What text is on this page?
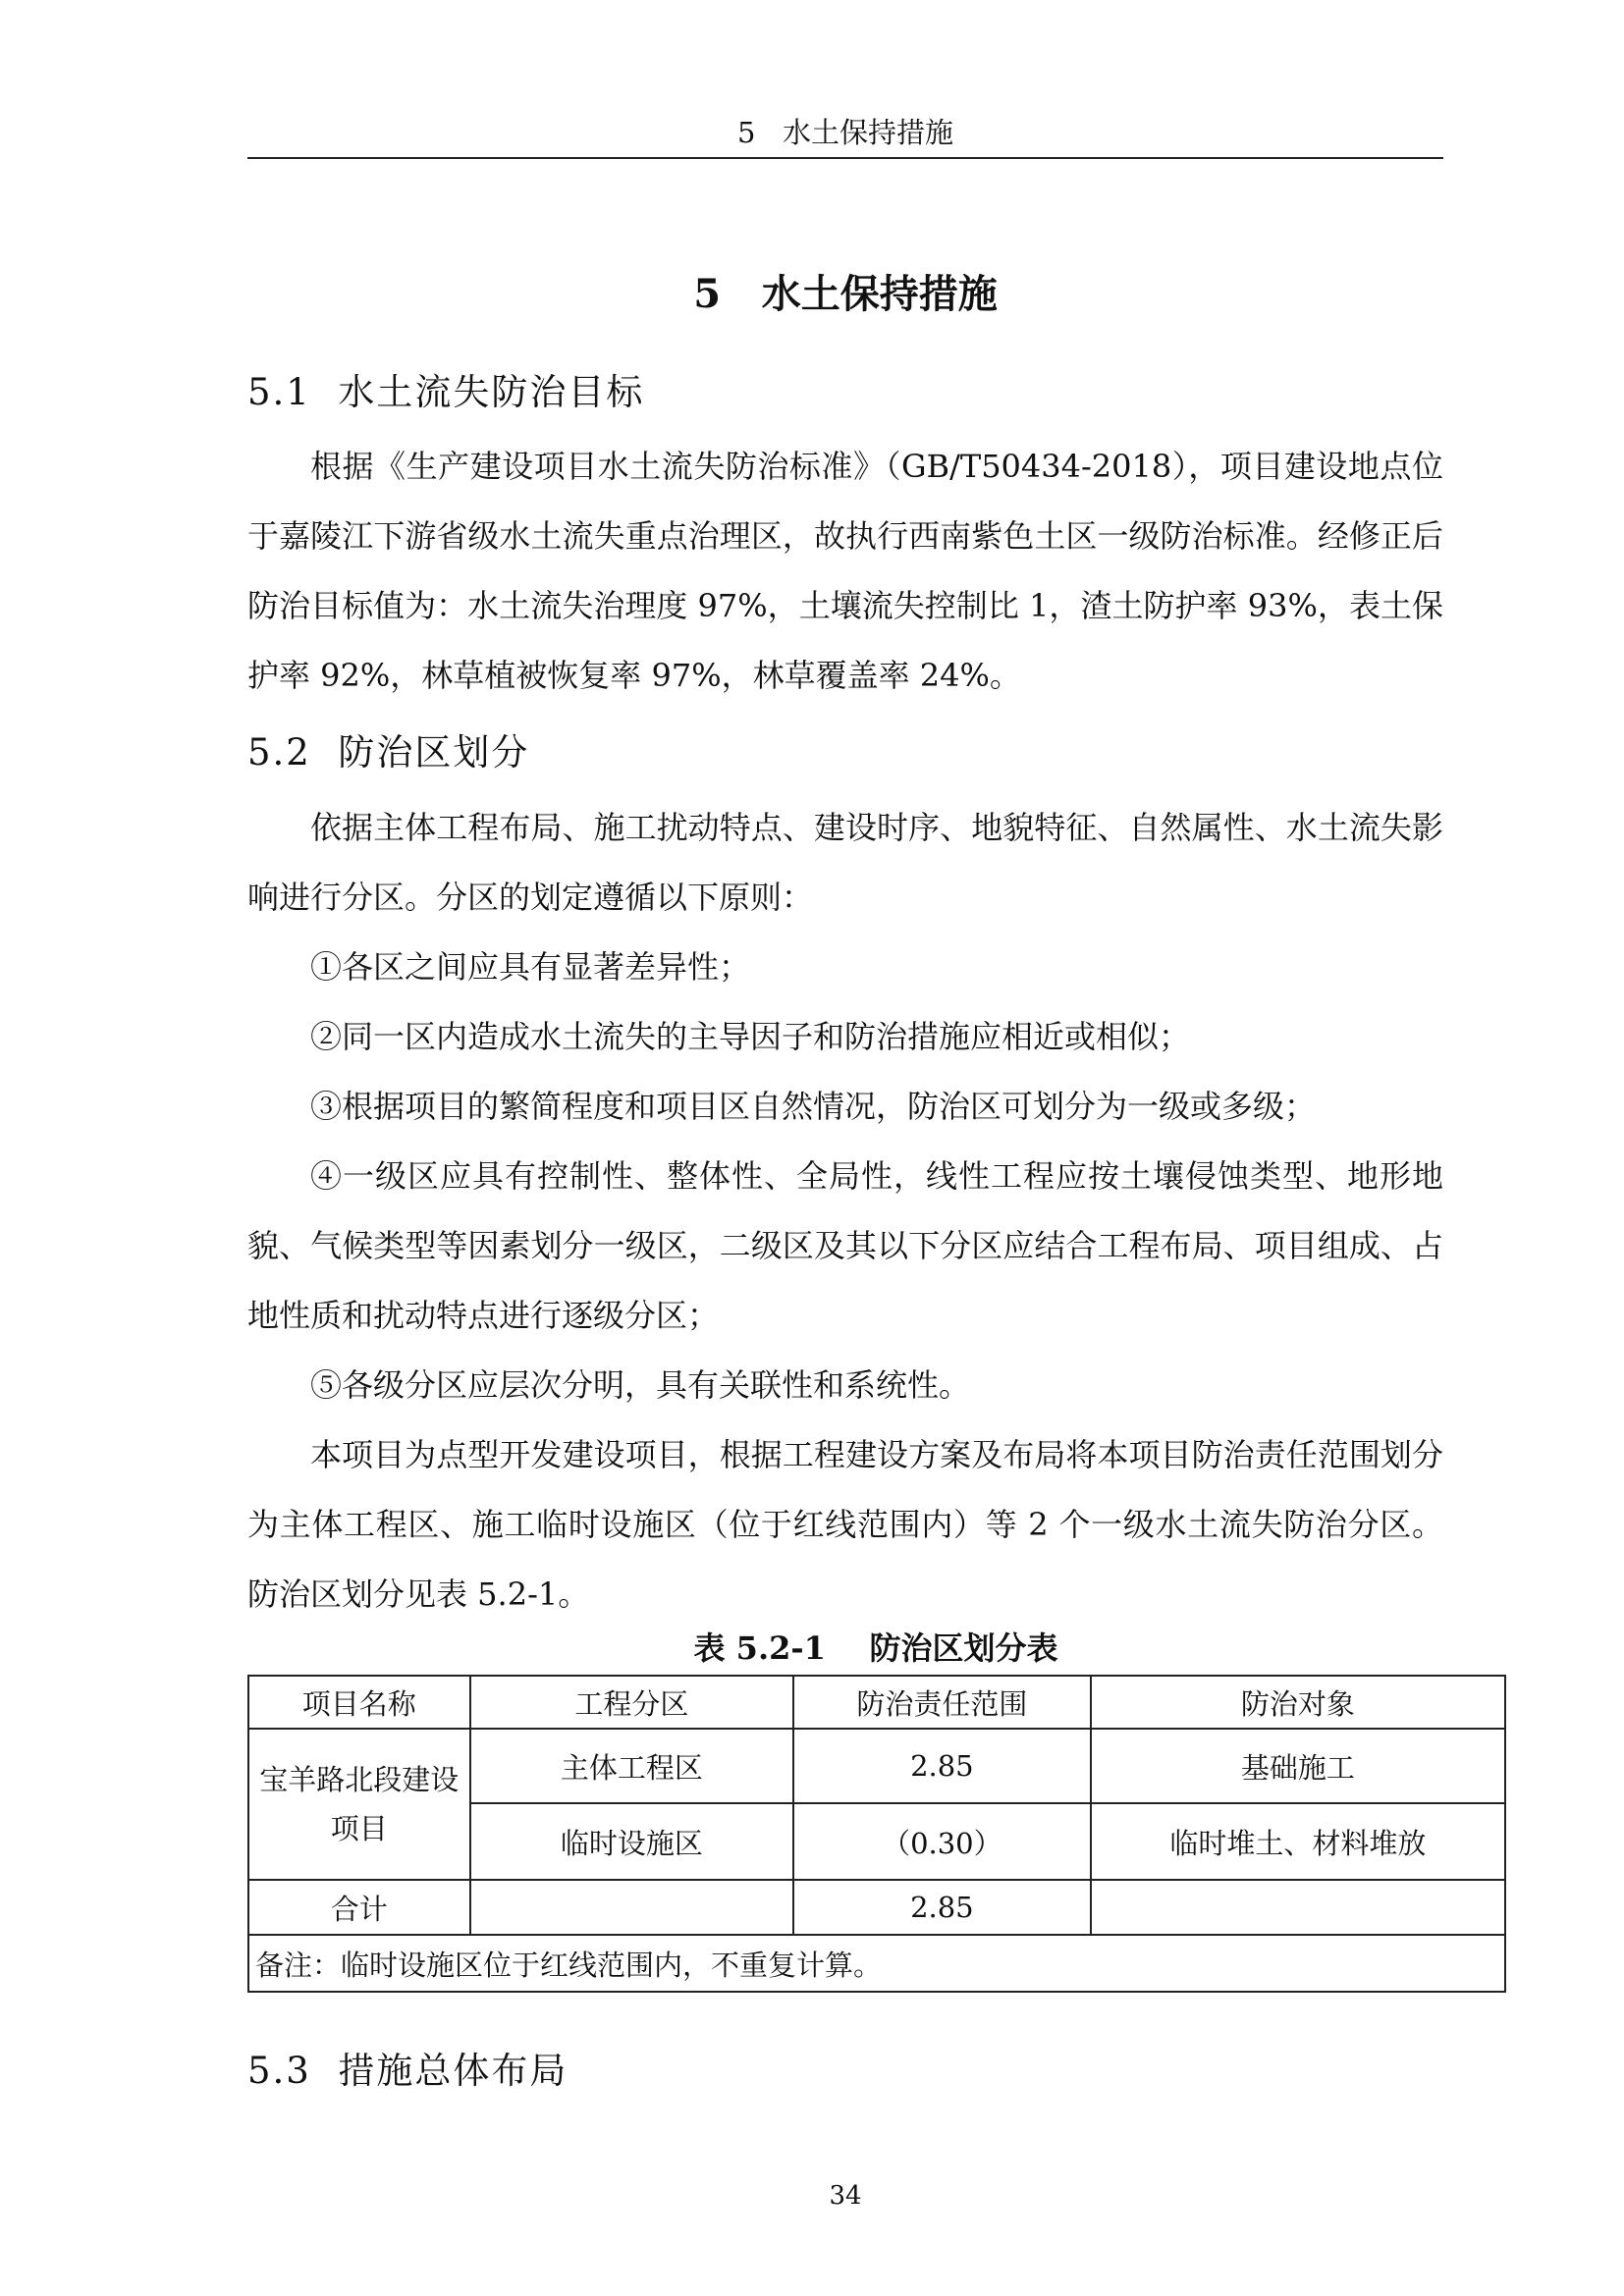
5   水土保持措施
5   水土保持措施
5.1  水土流失防治目标

根据《生产建设项目水土流失防治标准》（GB/T50434-2018），项目建设地点位于嘉陵江下游省级水土流失重点治理区，故执行西南紫色土区一级防治标准。经修正后防治目标值为：水土流失治理度 97%，土壤流失控制比 1，渣土防护率 93%，表土保护率 92%，林草植被恢复率 97%，林草覆盖率 24%。

5.2  防治区划分

依据主体工程布局、施工扰动特点、建设时序、地貌特征、自然属性、水土流失影响进行分区。分区的划定遵循以下原则：

①各区之间应具有显著差异性；

②同一区内造成水土流失的主导因子和防治措施应相近或相似；

③根据项目的繁简程度和项目区自然情况，防治区可划分为一级或多级；

④一级区应具有控制性、整体性、全局性，线性工程应按土壤侵蚀类型、地形地貌、气候类型等因素划分一级区，二级区及其以下分区应结合工程布局、项目组成、占地性质和扰动特点进行逐级分区；

⑤各级分区应层次分明，具有关联性和系统性。

本项目为点型开发建设项目，根据工程建设方案及布局将本项目防治责任范围划分为主体工程区、施工临时设施区（位于红线范围内）等 2 个一级水土流失防治分区。防治区划分见表 5.2-1。

表 5.2-1    防治区划分表
项目名称	工程分区	防治责任范围	防治对象
宝羊路北段建设项目	主体工程区	2.85	基础施工
	临时设施区	（0.30）	临时堆土、材料堆放
合计		2.85	
备注：临时设施区位于红线范围内，不重复计算。			
5.3  措施总体布局
34
